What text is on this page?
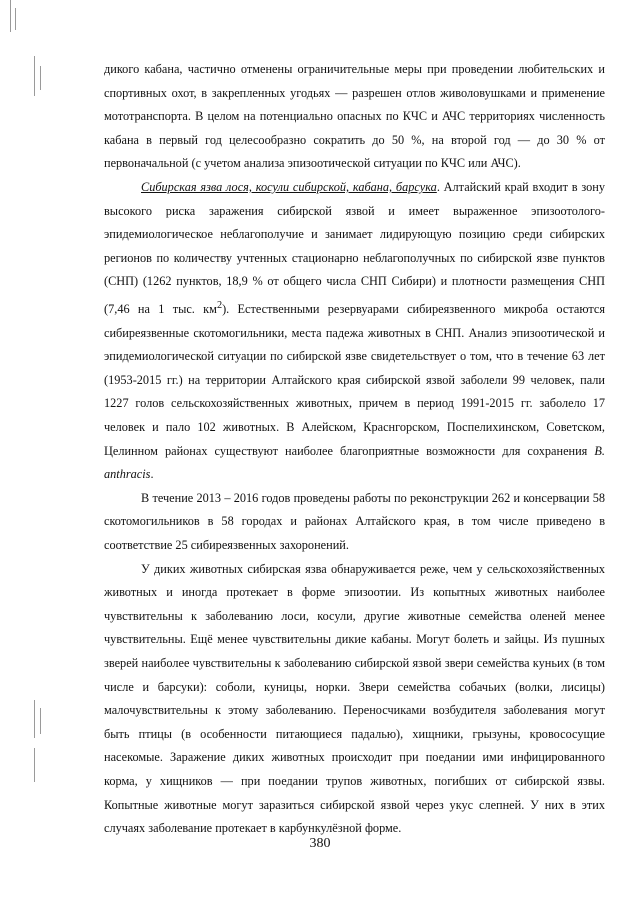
дикого кабана, частично отменены ограничительные меры при проведении любительских и спортивных охот, в закрепленных угодьях — разрешен отлов живоловушками и применение мототранспорта. В целом на потенциально опасных по КЧС и АЧС территориях численность кабана в первый год целесообразно сократить до 50 %, на второй год — до 30 % от первоначальной (с учетом анализа эпизоотической ситуации по КЧС или АЧС).

Сибирская язва лося, косули сибирской, кабана, барсука. Алтайский край входит в зону высокого риска заражения сибирской язвой и имеет выраженное эпизоотолого-эпидемиологическое неблагополучие и занимает лидирующую позицию среди сибирских регионов по количеству учтенных стационарно неблагополучных по сибирской язве пунктов (СНП) (1262 пунктов, 18,9 % от общего числа СНП Сибири) и плотности размещения СНП (7,46 на 1 тыс. $км^2$). Естественными резервуарами сибиреязвенного микроба остаются сибиреязвенные скотомогильники, места падежа животных в СНП. Анализ эпизоотической и эпидемиологической ситуации по сибирской язве свидетельствует о том, что в течение 63 лет (1953-2015 гг.) на территории Алтайского края сибирской язвой заболели 99 человек, пали 1227 голов сельскохозяйственных животных, причем в период 1991-2015 гг. заболело 17 человек и пало 102 животных. В Алейском, Краснгорском, Поспелихинском, Советском, Целинном районах существуют наиболее благоприятные возможности для сохранения B. anthracis.

В течение 2013 – 2016 годов проведены работы по реконструкции 262 и консервации 58 скотомогильников в 58 городах и районах Алтайского края, в том числе приведено в соответствие 25 сибиреязвенных захоронений.

У диких животных сибирская язва обнаруживается реже, чем у сельскохозяйственных животных и иногда протекает в форме эпизоотии. Из копытных животных наиболее чувствительны к заболеванию лоси, косули, другие животные семейства оленей менее чувствительны. Ещё менее чувствительны дикие кабаны. Могут болеть и зайцы. Из пушных зверей наиболее чувствительны к заболеванию сибирской язвой звери семейства куньих (в том числе и барсуки): соболи, куницы, норки. Звери семейства собачьих (волки, лисицы) малочувствительны к этому заболеванию. Переносчиками возбудителя заболевания могут быть птицы (в особенности питающиеся падалью), хищники, грызуны, кровососущие насекомые. Заражение диких животных происходит при поедании ими инфицированного корма, у хищников — при поедании трупов животных, погибших от сибирской язвы. Копытные животные могут заразиться сибирской язвой через укус слепней. У них в этих случаях заболевание протекает в карбункулёзной форме.

380
